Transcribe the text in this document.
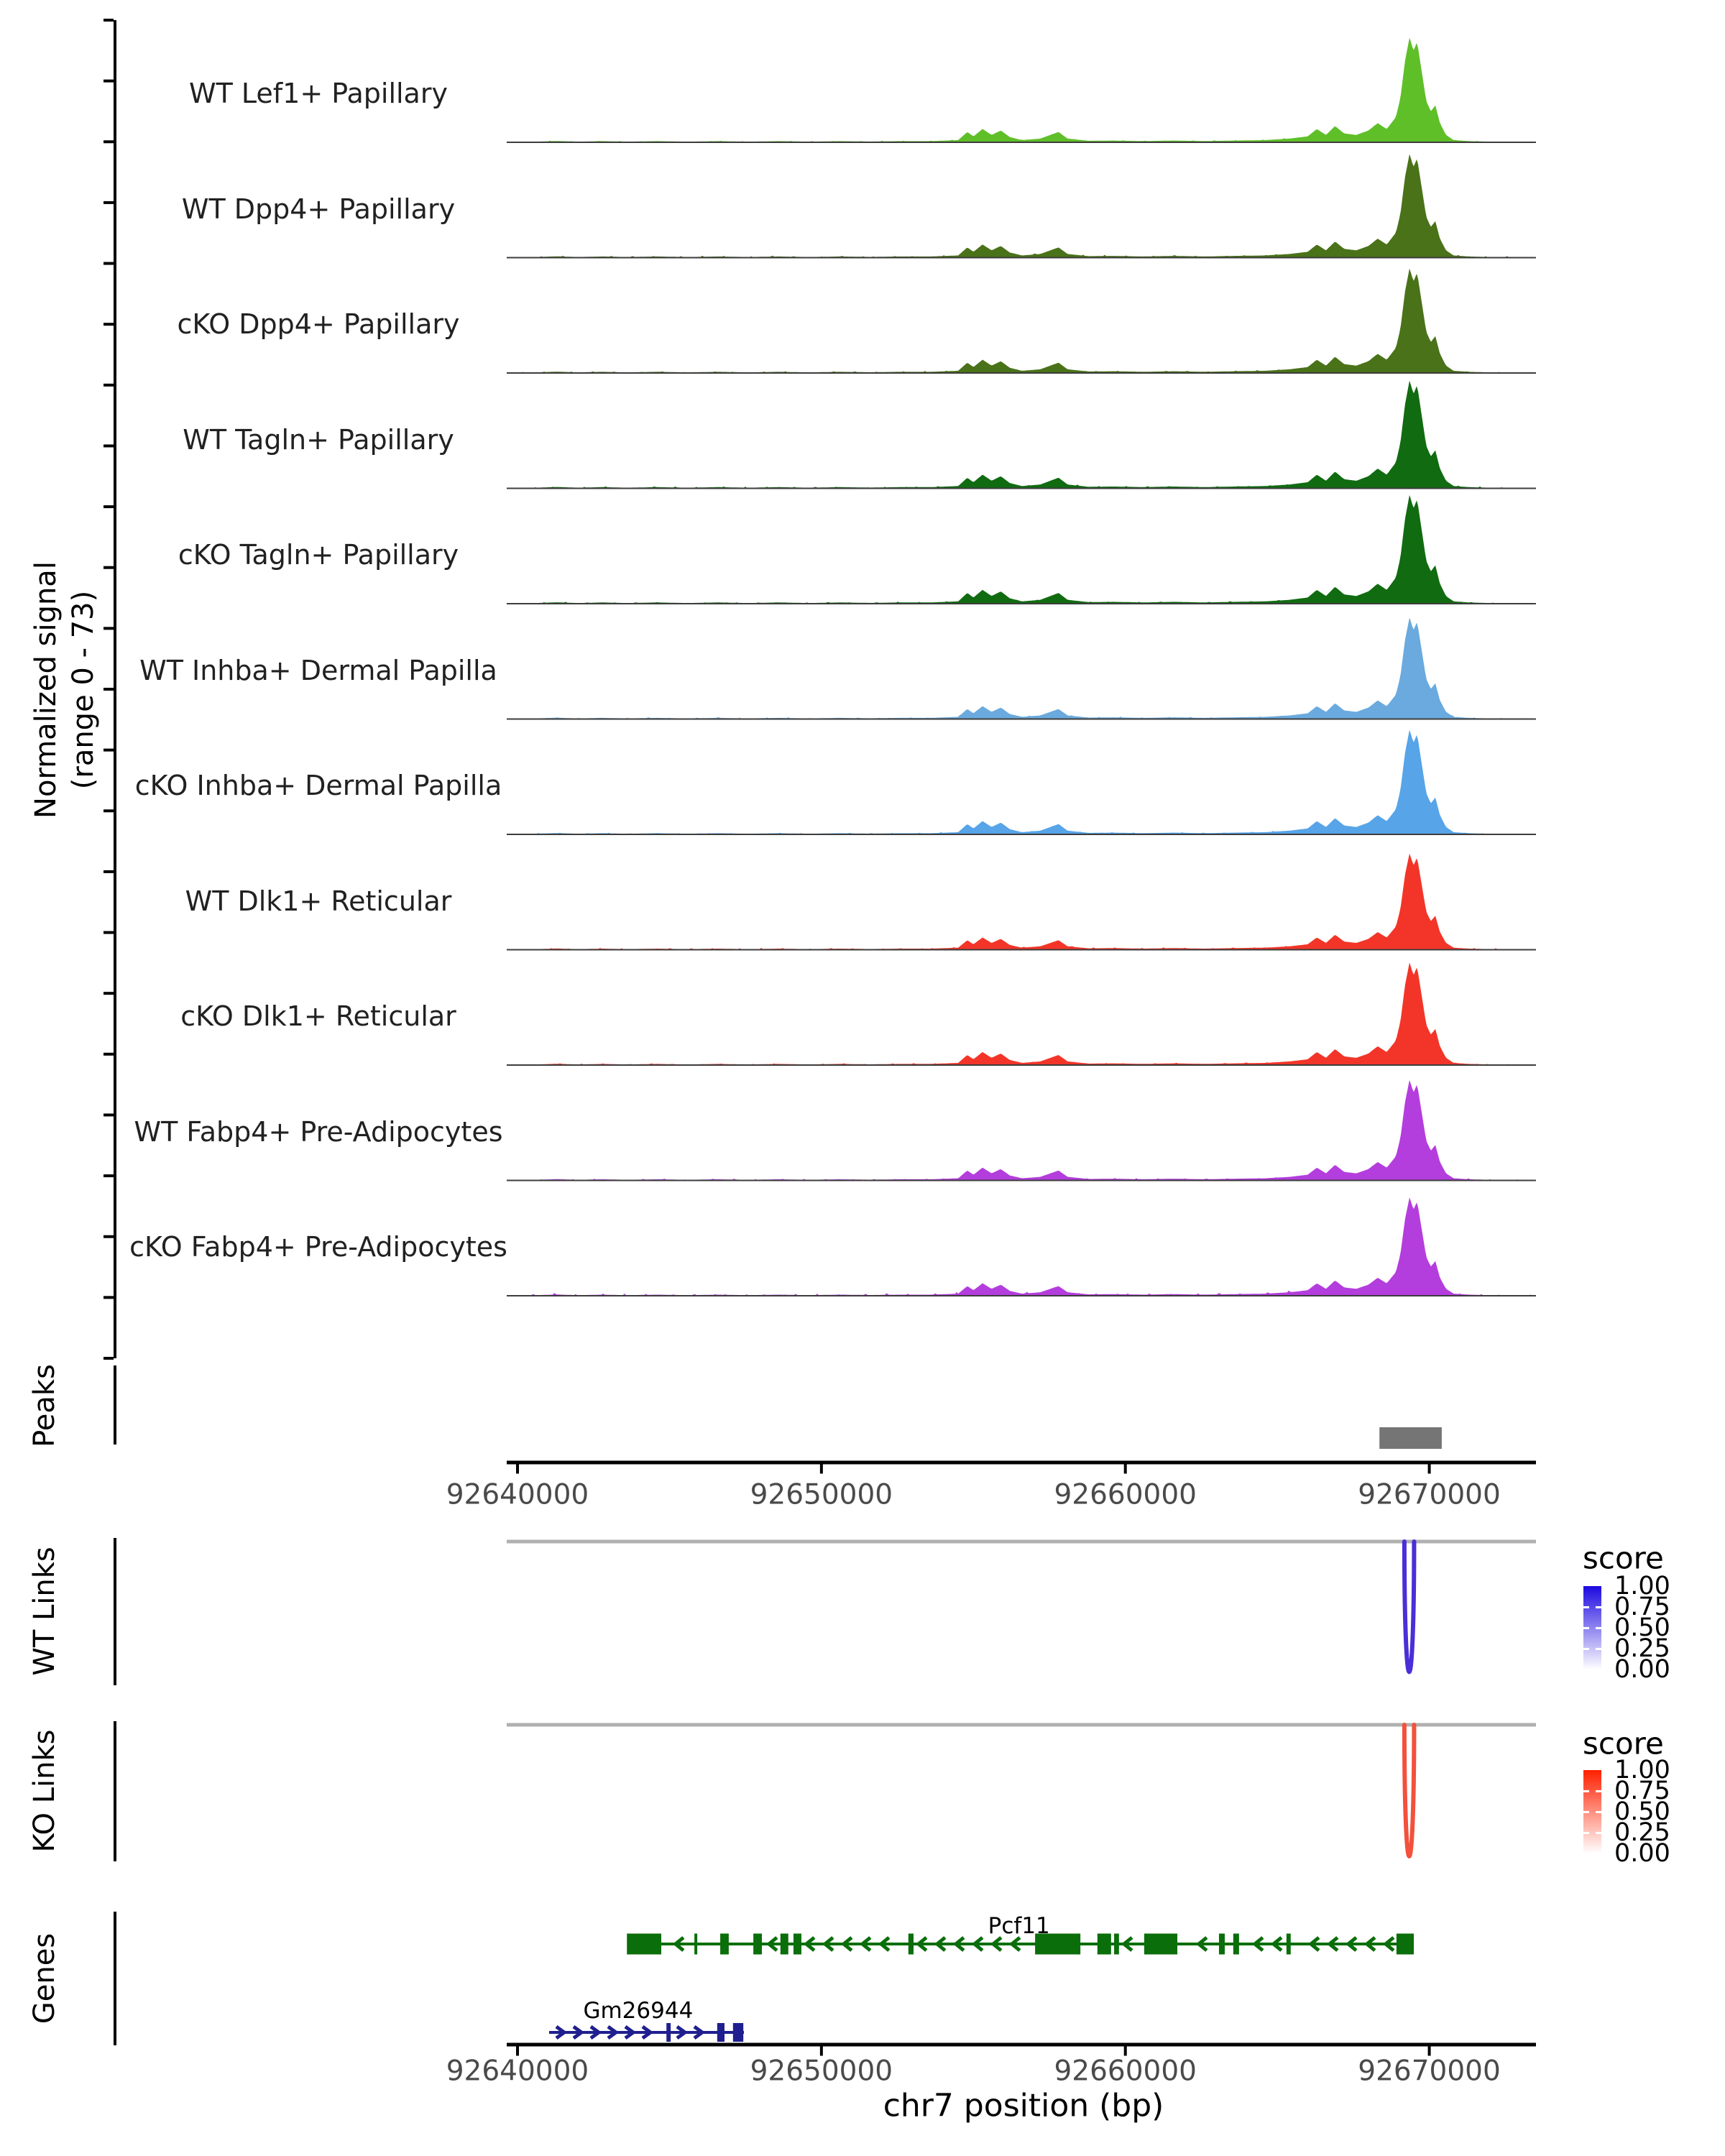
Normalized signal (range 0 - 73)
Peaks
WT Links
KO Links
Genes
chr7 position (bp)
score
score
WT Lef1+ Papillary
WT Dpp4+ Papillary
cKO Dpp4+ Papillary
WT Tagln+ Papillary
cKO Tagln+ Papillary
WT Inhba+ Dermal Papilla
cKO Inhba+ Dermal Papilla
WT Dlk1+ Reticular
cKO Dlk1+ Reticular
WT Fabp4+ Pre-Adipocytes
cKO Fabp4+ Pre-Adipocytes
92640000	92650000	92660000	92670000
92640000	92650000	92660000	92670000
1.00
1.00
0.75
0.75
0.50
0.50
0.25
0.25
0.00
0.00
Pcf11
Gm26944
